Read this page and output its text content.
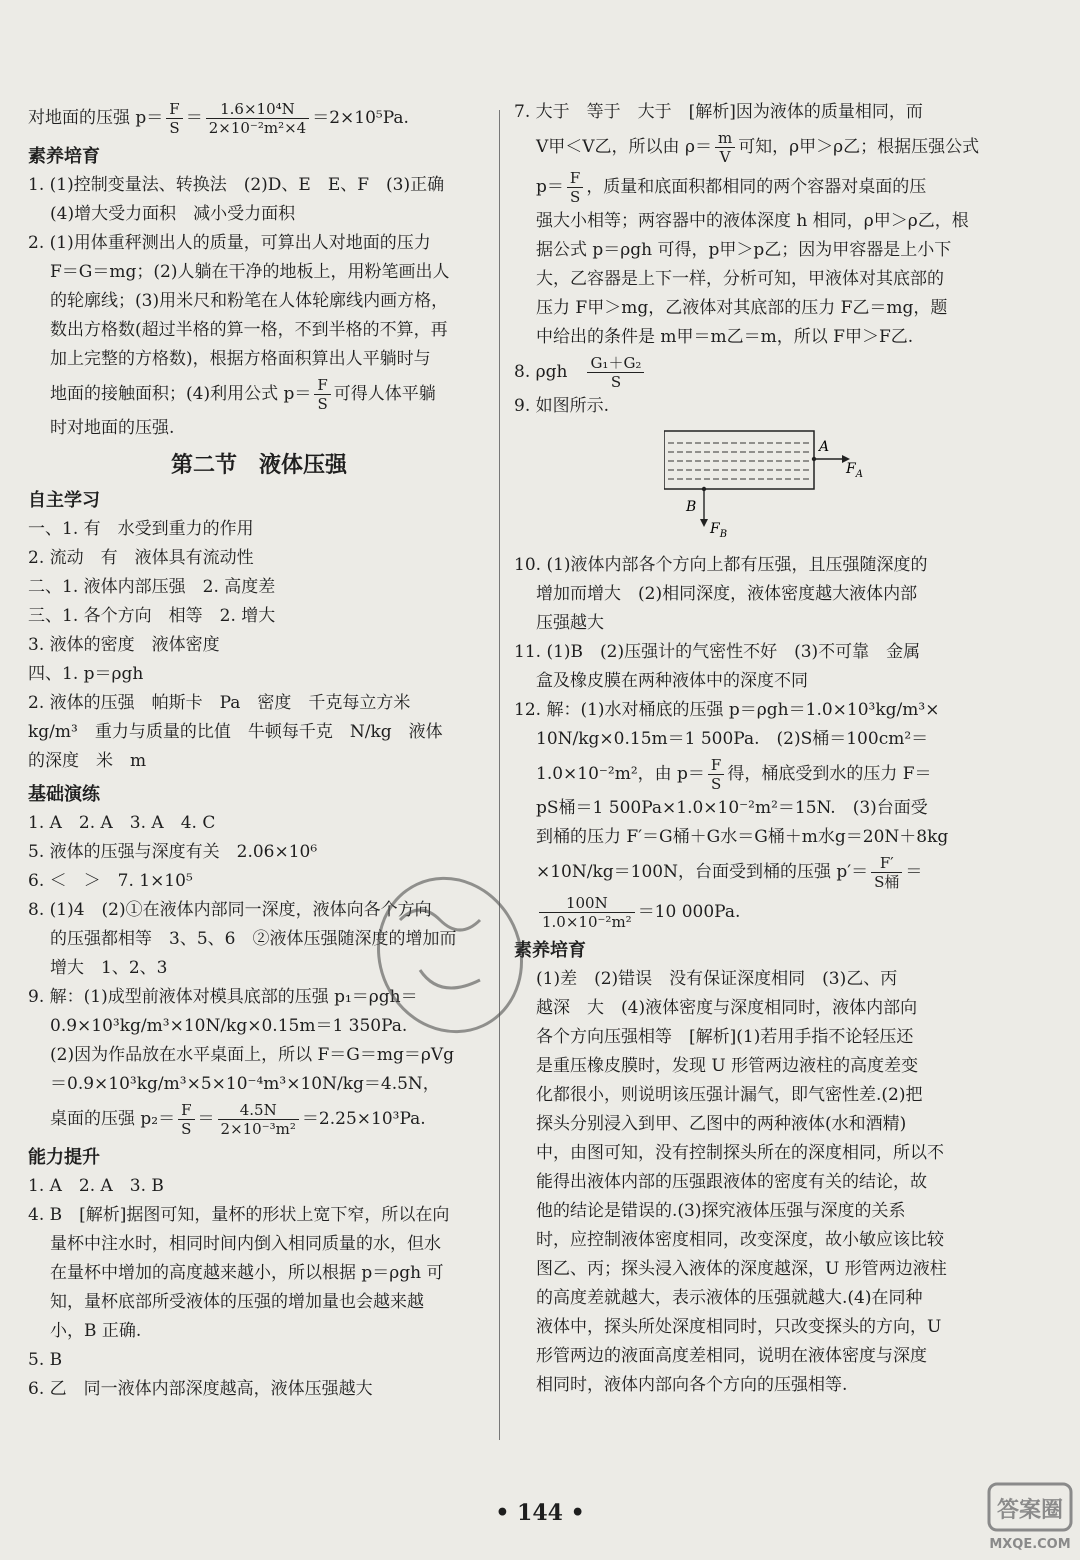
对地面的压强 $p= \frac{F}{S} = \frac{\text{1.6×10⁴N}}{\text{2×10⁻²m²×4}} =2\times 10^5Pa$.
素养培育
1. (1)控制变量法、转换法　(2)D、E　E、F　(3)正确
(4)增大受力面积　减小受力面积
2. (1)用体重秤测出人的质量，可算出人对地面的压力
F＝G＝mg；(2)人躺在干净的地板上，用粉笔画出人
的轮廓线；(3)用米尺和粉笔在人体轮廓线内画方格，
数出方格数(超过半格的算一格，不到半格的不算，再
加上完整的方格数)，根据方格面积算出人平躺时与
地面的接触面积；(4)利用公式 $p= \frac{F}{S}$ 可得人体平躺
时对地面的压强.
第二节　液体压强
自主学习
一、1. 有　水受到重力的作用
2. 流动　有　液体具有流动性
二、1. 液体内部压强　2. 高度差
三、1. 各个方向　相等　2. 增大
3. 液体的密度　液体密度
四、1. p＝ρgh
2. 液体的压强　帕斯卡　Pa　密度　千克每立方米
kg/m³　重力与质量的比值　牛顿每千克　N/kg　液体
的深度　米　m
基础演练
1. A　2. A　3. A　4. C
5. 液体的压强与深度有关　2.06×10⁶
6. ＜　＞　7. 1×10⁵
8. (1)4　(2)①在液体内部同一深度，液体向各个方向
的压强都相等　3、5、6　②液体压强随深度的增加而
增大　1、2、3
9. 解：(1)成型前液体对模具底部的压强 p₁＝ρgh＝
0.9×10³kg/m³×10N/kg×0.15m＝1 350Pa.
(2)因为作品放在水平桌面上，所以 F＝G＝mg＝ρVg
＝0.9×10³kg/m³×5×10⁻⁴m³×10N/kg＝4.5N，
桌面的压强 $p_2= \frac{F}{S} = \frac{4.5N}{\text{2×10⁻³m²}} =2.25\times 10^3Pa$.
能力提升
1. A　2. A　3. B
4. B　[解析]据图可知，量杯的形状上宽下窄，所以在向
量杯中注水时，相同时间内倒入相同质量的水，但水
在量杯中增加的高度越来越小，所以根据 p＝ρgh 可
知，量杯底部所受液体的压强的增加量也会越来越
小，B 正确.
5. B
6. 乙　同一液体内部深度越高，液体压强越大
7. 大于　等于　大于　[解析]因为液体的质量相同，而
V甲＜V乙，所以由 $\rho= \frac{m}{V}$ 可知，ρ甲＞ρ乙；根据压强公式
$p= \frac{F}{S}$ ，质量和底面积都相同的两个容器对桌面的压
强大小相等；两容器中的液体深度 h 相同，ρ甲＞ρ乙，根
据公式 p＝ρgh 可得，p甲＞p乙；因为甲容器是上小下
大，乙容器是上下一样，分析可知，甲液体对其底部的
压力 F甲＞mg，乙液体对其底部的压力 F乙＝mg，题
中给出的条件是 m甲＝m乙＝m，所以 F甲＞F乙.
8. ρgh　 $\frac{\text{G₁＋G₂}}{S}$
9. 如图所示.
A
$F_A$
B
$F_B$
10. (1)液体内部各个方向上都有压强，且压强随深度的
增加而增大　(2)相同深度，液体密度越大液体内部
压强越大
11. (1)B　(2)压强计的气密性不好　(3)不可靠　金属
盒及橡皮膜在两种液体中的深度不同
12. 解：(1)水对桶底的压强 p＝ρgh＝1.0×10³kg/m³×
10N/kg×0.15m＝1 500Pa.　(2)S桶＝100cm²＝
1.0×10⁻²m²，由 $p= \frac{F}{S}$ 得，桶底受到水的压力 F＝
pS桶＝1 500Pa×1.0×10⁻²m²＝15N.　(3)台面受
到桶的压力 F′＝G桶＋G水＝G桶＋m水g＝20N＋8kg
×10N/kg＝100N，台面受到桶的压强 $p'= \frac{F'}{\text{S桶}}$ ＝
$\frac{100N}{\text{1.0×10⁻²m²}} =10$ 000Pa.
素养培育
(1)差　(2)错误　没有保证深度相同　(3)乙、丙
越深　大　(4)液体密度与深度相同时，液体内部向
各个方向压强相等　[解析](1)若用手指不论轻压还
是重压橡皮膜时，发现 U 形管两边液柱的高度差变
化都很小，则说明该压强计漏气，即气密性差.(2)把
探头分别浸入到甲、乙图中的两种液体(水和酒精)
中，由图可知，没有控制探头所在的深度相同，所以不
能得出液体内部的压强跟液体的密度有关的结论，故
他的结论是错误的.(3)探究液体压强与深度的关系
时，应控制液体密度相同，改变深度，故小敏应该比较
图乙、丙；探头浸入液体的深度越深，U 形管两边液柱
的高度差就越大，表示液体的压强就越大.(4)在同种
液体中，探头所处深度相同时，只改变探头的方向，U
形管两边的液面高度差相同，说明在液体密度与深度
相同时，液体内部向各个方向的压强相等.
• 144 •	答案圈
MXQE.COM
